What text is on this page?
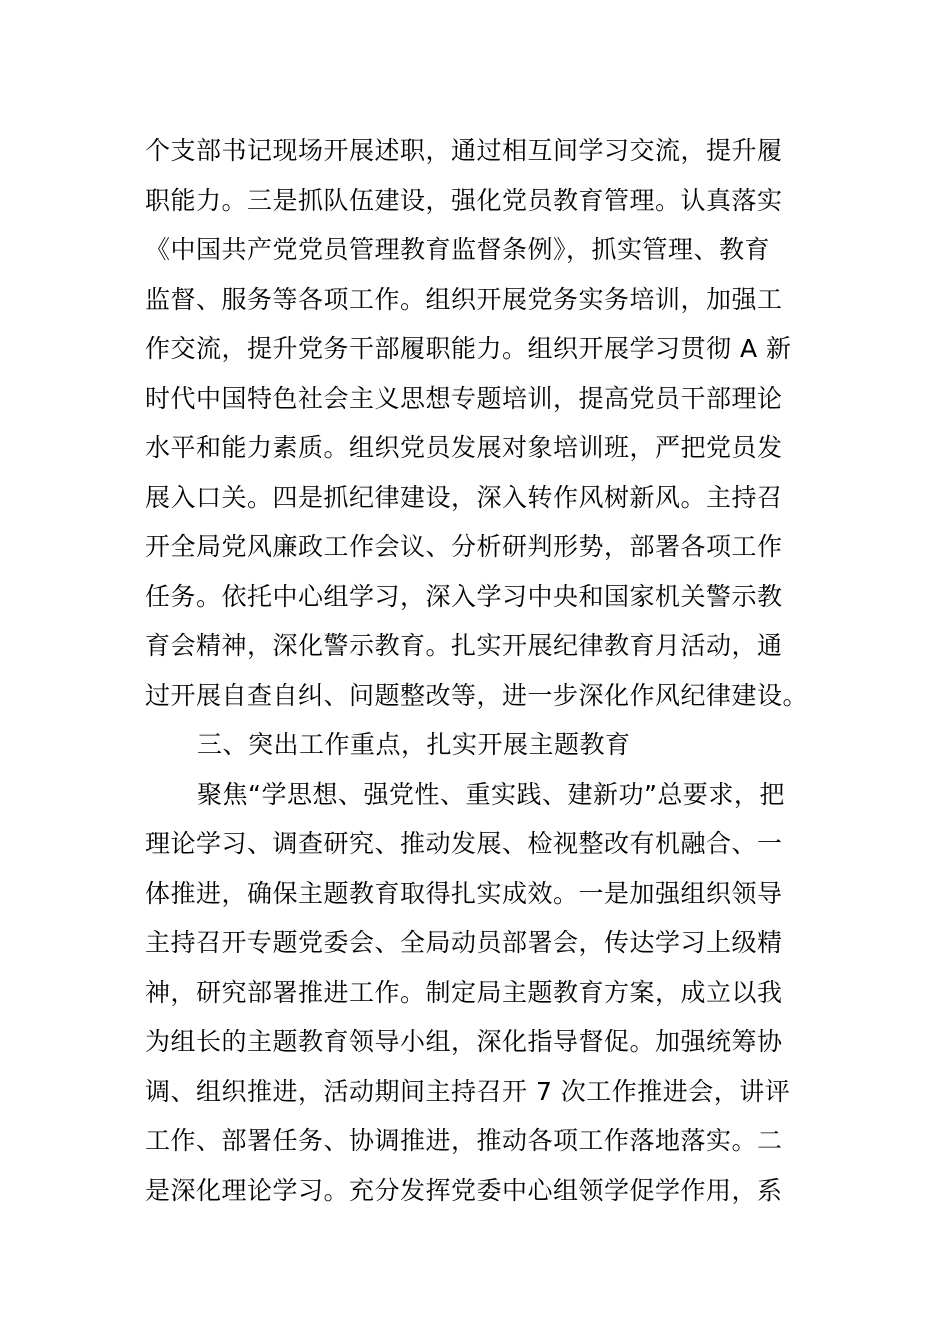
个支部书记现场开展述职，通过相互间学习交流，提升履
职能力。三是抓队伍建设，强化党员教育管理。认真落实
《中国共产党党员管理教育监督条例》，抓实管理、教育
监督、服务等各项工作。组织开展党务实务培训，加强工
作交流，提升党务干部履职能力。组织开展学习贯彻 A 新
时代中国特色社会主义思想专题培训，提高党员干部理论
水平和能力素质。组织党员发展对象培训班，严把党员发
展入口关。四是抓纪律建设，深入转作风树新风。主持召
开全局党风廉政工作会议、分析研判形势，部署各项工作
任务。依托中心组学习，深入学习中央和国家机关警示教
育会精神，深化警示教育。扎实开展纪律教育月活动，通
过开展自查自纠、问题整改等，进一步深化作风纪律建设。
三、突出工作重点，扎实开展主题教育
聚焦“学思想、强党性、重实践、建新功”总要求，把
理论学习、调查研究、推动发展、检视整改有机融合、一
体推进，确保主题教育取得扎实成效。一是加强组织领导
主持召开专题党委会、全局动员部署会，传达学习上级精
神，研究部署推进工作。制定局主题教育方案，成立以我
为组长的主题教育领导小组，深化指导督促。加强统筹协
调、组织推进，活动期间主持召开 7 次工作推进会，讲评
工作、部署任务、协调推进，推动各项工作落地落实。二
是深化理论学习。充分发挥党委中心组领学促学作用，系
